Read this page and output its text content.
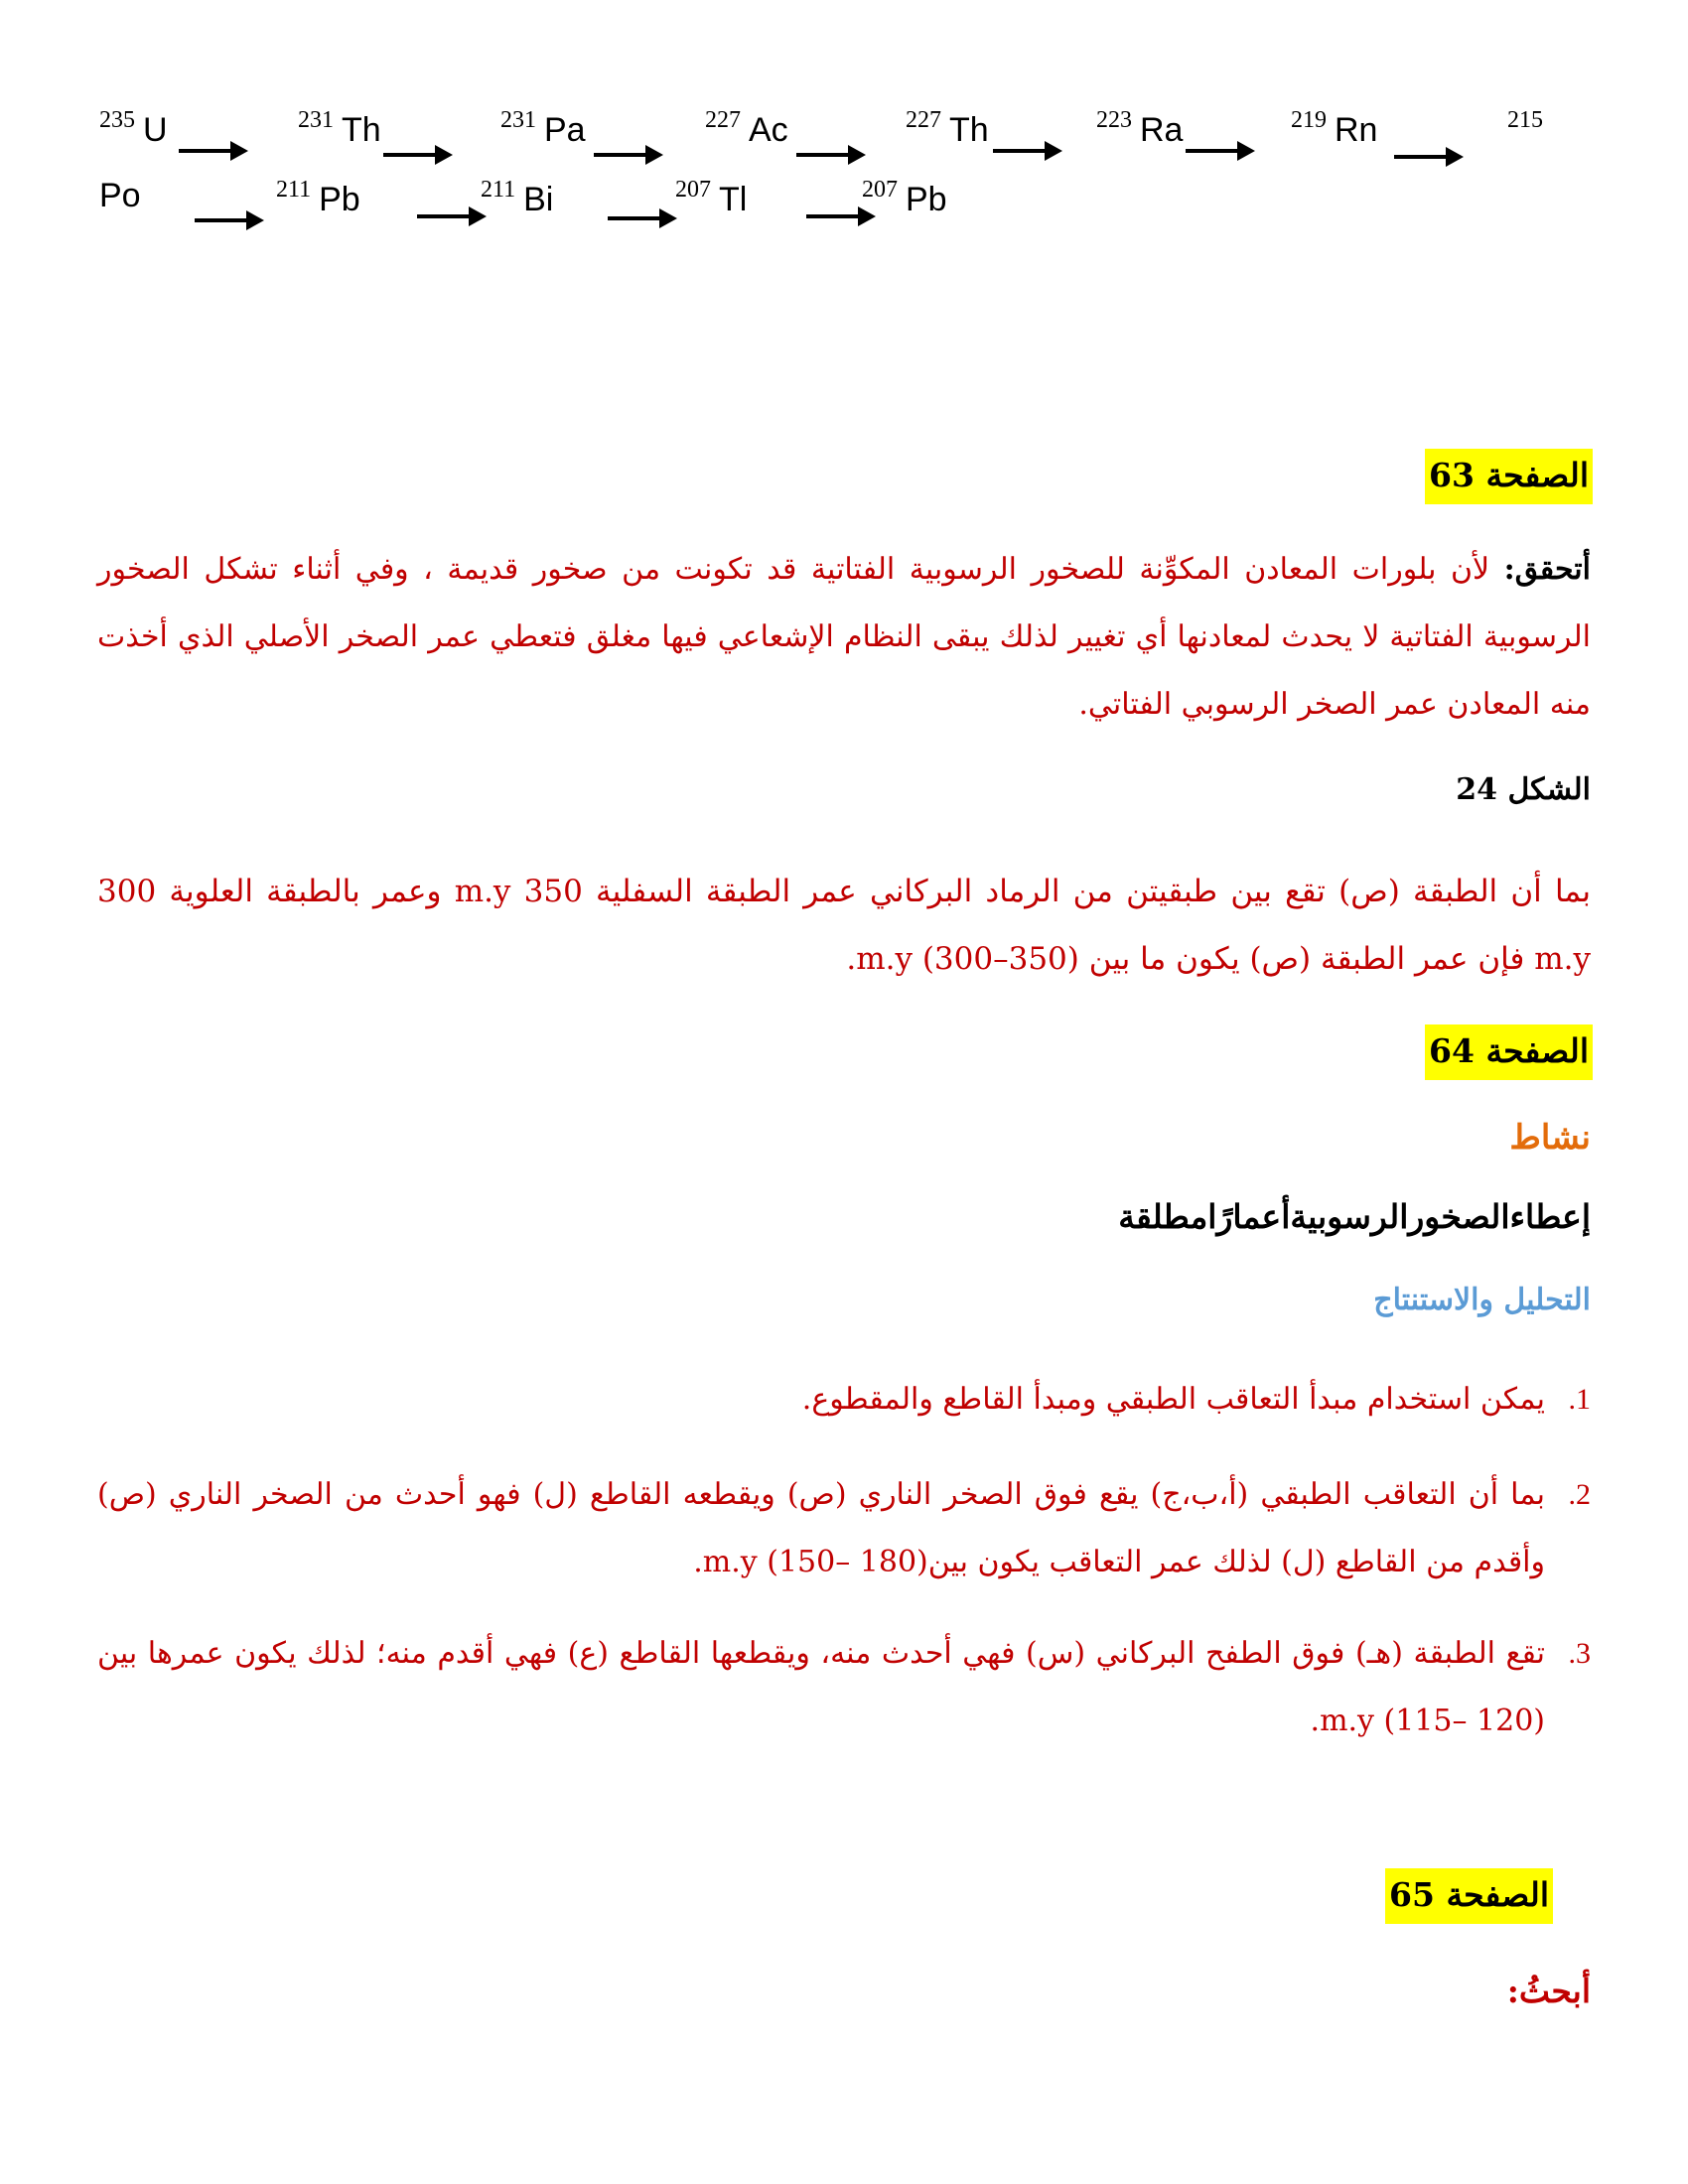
$^{235}$ U	$^{231}$ Th	$^{231}$ Pa	$^{227}$ Ac	$^{227}$ Th	$^{223}$ Ra	$^{219}$ Rn	$^{215}$
Po	$^{211}$ Pb	$^{211}$ Bi	$^{207}$ Tl	$^{207}$ Pb
الصفحة 63
أتحقق: لأن بلورات المعادن المكوِّنة للصخور الرسوبية الفتاتية قد تكونت من صخور قديمة ، وفي أثناء تشكل الصخور الرسوبية الفتاتية لا يحدث لمعادنها أي تغيير لذلك يبقى النظام الإشعاعي فيها مغلق فتعطي عمر الصخر الأصلي الذي أخذت منه المعادن عمر الصخر الرسوبي الفتاتي.
الشكل 24
بما أن الطبقة (ص) تقع بين طبقيتن من الرماد البركاني عمر الطبقة السفلية 350 m.y وعمر بالطبقة العلوية 300 m.y فإن عمر الطبقة (ص) يكون ما بين m.y (300–350).
الصفحة 64
نشاط
إعطاءالصخورالرسوبيةأعمارًامطلقة
التحليل والاستنتاج
1.يمكن استخدام مبدأ التعاقب الطبقي ومبدأ القاطع والمقطوع.
2.
بما أن التعاقب الطبقي (أ،ب،ج) يقع فوق الصخر الناري (ص) ويقطعه القاطع (ل) فهو أحدث من الصخر الناري (ص) وأقدم من القاطع (ل) لذلك عمر التعاقب يكون بينm.y (150– 180).
3.
تقع الطبقة (هـ) فوق الطفح البركاني (س) فهي أحدث منه، ويقطعها القاطع (ع) فهي أقدم منه؛ لذلك يكون عمرها بين m.y (115– 120).
الصفحة 65
أبحثُ:
